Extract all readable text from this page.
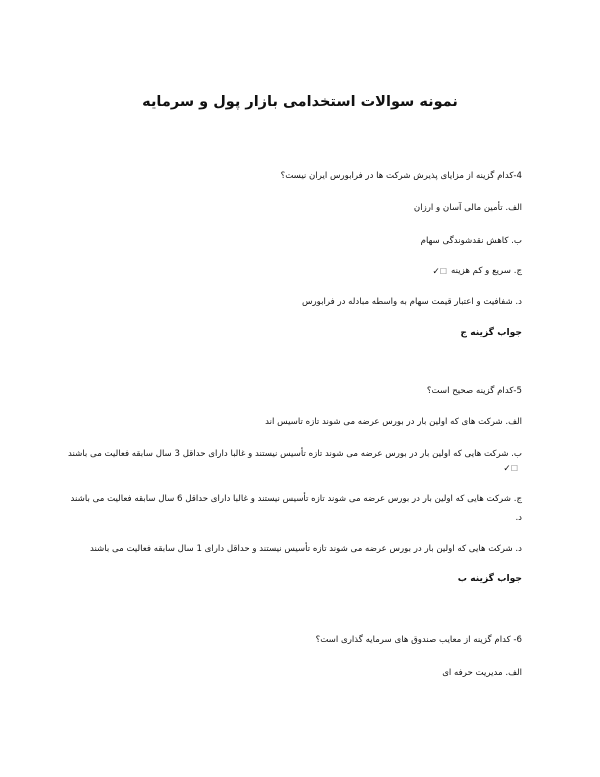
نمونه سوالات استخدامی بازار پول و سرمایه
4-کدام گزینه از مزایای پذیرش شرکت ها در فرابورس ایران نیست؟
الف. تأمین مالی آسان و ارزان
ب. کاهش نقدشوندگی سهام
ج. سریع و کم هزینه☐✓
د. شفافیت و اعتبار قیمت سهام به واسطه مبادله در فرابورس
جواب گزینه ج
5-کدام گزینه صحیح است؟
الف. شرکت های که اولین بار در بورس عرضه می شوند تازه تاسیس اند
ب. شرکت هایی که اولین بار در بورس عرضه می شوند تازه تأسیس نیستند و غالبا دارای حداقل 3 سال سابقه فعالیت می باشند
☐✓
ج. شرکت هایی که اولین بار در بورس عرضه می شوند تازه تأسیس نیستند و غالبا دارای حداقل 6 سال سابقه فعالیت می باشند
د.
د. شرکت هایی که اولین بار در بورس عرضه می شوند تازه تأسیس نیستند و حداقل دارای 1 سال سابقه فعالیت می باشند
جواب گزینه ب
6- کدام گزینه از معایب صندوق های سرمایه گذاری است؟
الف. مدیریت حرفه ای
